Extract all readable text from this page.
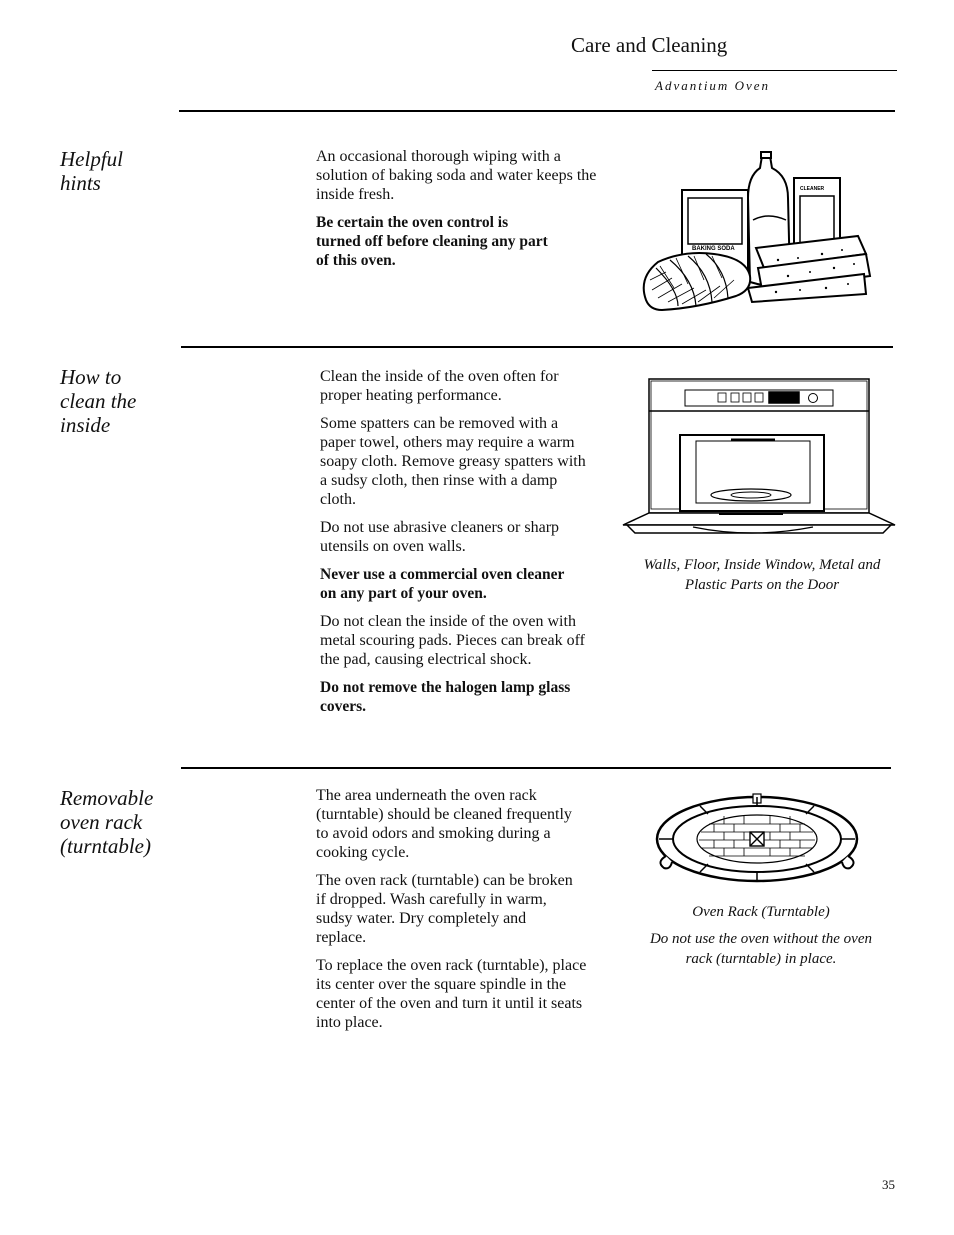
Care and Cleaning
Advantium Oven
Helpful hints

An occasional thorough wiping with a solution of baking soda and water keeps the inside fresh.

Be certain the oven control is turned off before cleaning any part of this oven.

BAKING SODA
CLEANER
How to clean the inside

Clean the inside of the oven often for proper heating performance.

Some spatters can be removed with a paper towel, others may require a warm soapy cloth. Remove greasy spatters with a sudsy cloth, then rinse with a damp cloth.

Do not use abrasive cleaners or sharp utensils on oven walls.

Never use a commercial oven cleaner on any part of your oven.

Do not clean the inside of the oven with metal scouring pads. Pieces can break off the pad, causing electrical shock.

Do not remove the halogen lamp glass covers.

Walls, Floor, Inside Window, Metal and Plastic Parts on the Door

Removable oven rack (turntable)

The area underneath the oven rack (turntable) should be cleaned frequently to avoid odors and smoking during a cooking cycle.

The oven rack (turntable) can be broken if dropped. Wash carefully in warm, sudsy water. Dry completely and replace.

To replace the oven rack (turntable), place its center over the square spindle in the center of the oven and turn it until it seats into place.

Oven Rack (Turntable)

Do not use the oven without the oven rack (turntable) in place.

35
